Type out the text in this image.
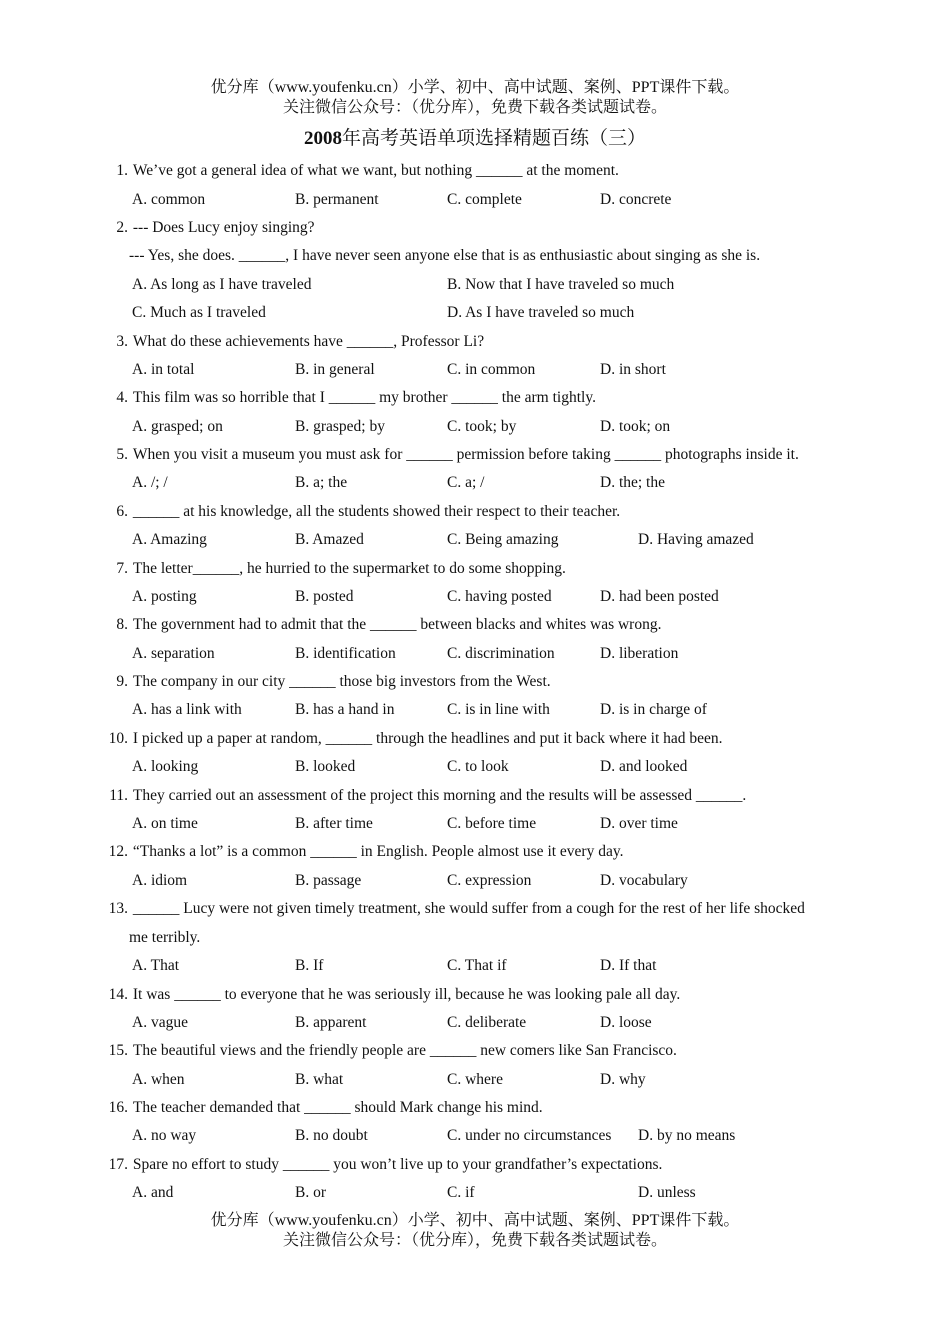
优分库（www.youfenku.cn）小学、初中、高中试题、案例、PPT课件下载。
关注微信公众号：（优分库），免费下载各类试题试卷。
2008年高考英语单项选择精题百练（三）
1. We’ve got a general idea of what we want, but nothing ______ at the moment.
A. common	B. permanent	C. complete	D. concrete
2. --- Does Lucy enjoy singing?
--- Yes, she does. ______, I have never seen anyone else that is as enthusiastic about singing as she is.
A. As long as I have traveled	B. Now that I have traveled so much
C. Much as I traveled	D. As I have traveled so much
3. What do these achievements have ______, Professor Li?
A. in total	B. in general	C. in common	D. in short
4. This film was so horrible that I ______ my brother ______ the arm tightly.
A. grasped; on	B. grasped; by	C. took; by	D. took; on
5. When you visit a museum you must ask for ______ permission before taking ______ photographs inside it.
A. /; /	B. a; the	C. a; /	D. the; the
6. ______ at his knowledge, all the students showed their respect to their teacher.
A. Amazing	B. Amazed	C. Being amazing	D. Having amazed
7. The letter______, he hurried to the supermarket to do some shopping.
A. posting	B. posted	C. having posted	D. had been posted
8. The government had to admit that the ______ between blacks and whites was wrong.
A. separation	B. identification	C. discrimination	D. liberation
9. The company in our city ______ those big investors from the West.
A. has a link with	B. has a hand in	C. is in line with	D. is in charge of
10. I picked up a paper at random, ______ through the headlines and put it back where it had been.
A. looking	B. looked	C. to look	D. and looked
11. They carried out an assessment of the project this morning and the results will be assessed ______.
A. on time	B. after time	C. before time	D. over time
12. “Thanks a lot” is a common ______ in English. People almost use it every day.
A. idiom	B. passage	C. expression	D. vocabulary
13. ______ Lucy were not given timely treatment, she would suffer from a cough for the rest of her life shocked
me terribly.
A. That	B. If	C. That if	D. If that
14. It was ______ to everyone that he was seriously ill, because he was looking pale all day.
A. vague	B. apparent	C. deliberate	D. loose
15. The beautiful views and the friendly people are ______ new comers like San Francisco.
A. when	B. what	C. where	D. why
16. The teacher demanded that ______ should Mark change his mind.
A. no way	B. no doubt	C. under no circumstances D. by no means
17. Spare no effort to study ______ you won’t live up to your grandfather’s expectations.
A. and	B. or	C. if	D. unless
优分库（www.youfenku.cn）小学、初中、高中试题、案例、PPT课件下载。
关注微信公众号：（优分库），免费下载各类试题试卷。
